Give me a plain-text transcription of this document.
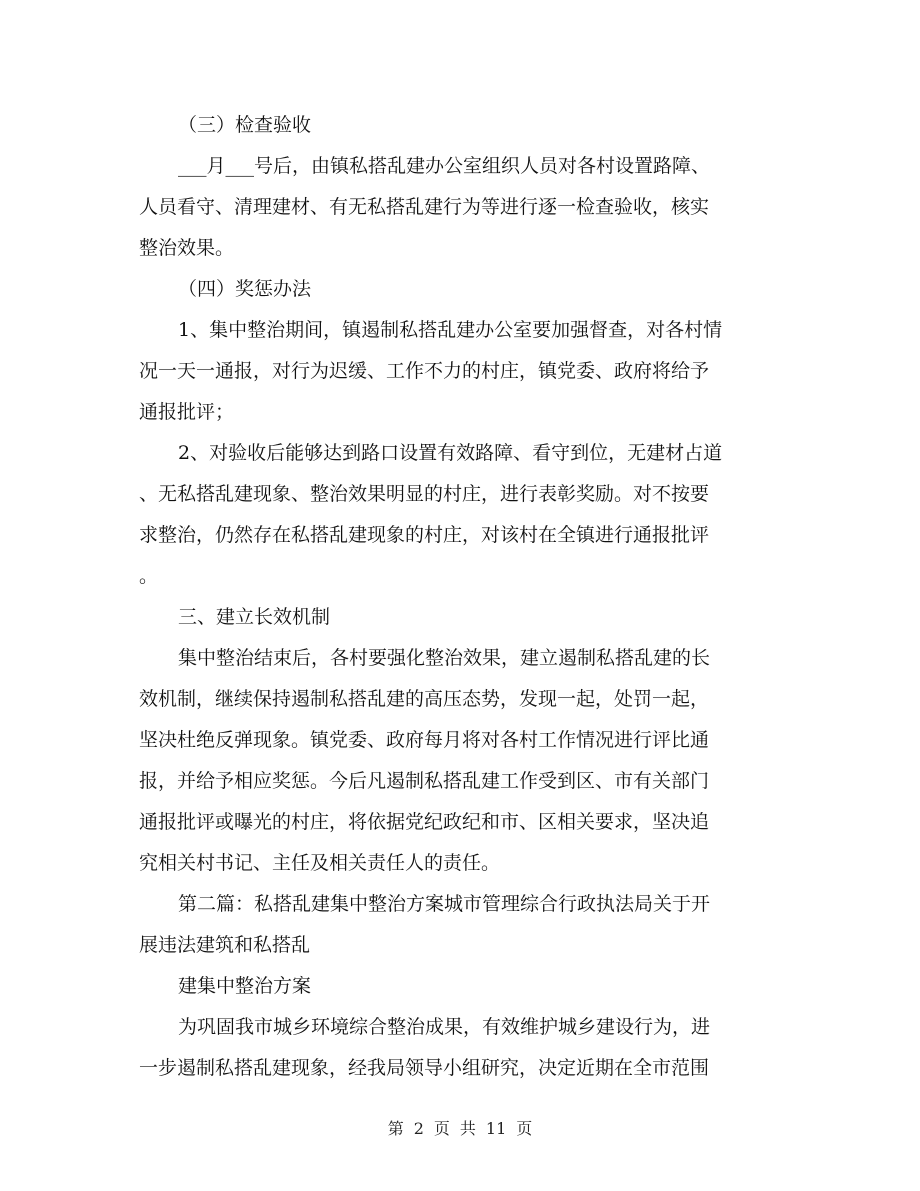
（三）检查验收
___月___号后，由镇私搭乱建办公室组织人员对各村设置路障、
人员看守、清理建材、有无私搭乱建行为等进行逐一检查验收，核实
整治效果。
（四）奖惩办法
1、集中整治期间，镇遏制私搭乱建办公室要加强督查，对各村情
况一天一通报，对行为迟缓、工作不力的村庄，镇党委、政府将给予
通报批评；
2、对验收后能够达到路口设置有效路障、看守到位，无建材占道
、无私搭乱建现象、整治效果明显的村庄，进行表彰奖励。对不按要
求整治，仍然存在私搭乱建现象的村庄，对该村在全镇进行通报批评
。
三、建立长效机制
集中整治结束后，各村要强化整治效果，建立遏制私搭乱建的长
效机制，继续保持遏制私搭乱建的高压态势，发现一起，处罚一起，
坚决杜绝反弹现象。镇党委、政府每月将对各村工作情况进行评比通
报，并给予相应奖惩。今后凡遏制私搭乱建工作受到区、市有关部门
通报批评或曝光的村庄，将依据党纪政纪和市、区相关要求，坚决追
究相关村书记、主任及相关责任人的责任。
第二篇：私搭乱建集中整治方案城市管理综合行政执法局关于开
展违法建筑和私搭乱
建集中整治方案
为巩固我市城乡环境综合整治成果，有效维护城乡建设行为，进
一步遏制私搭乱建现象，经我局领导小组研究，决定近期在全市范围
第 2 页 共 11 页
